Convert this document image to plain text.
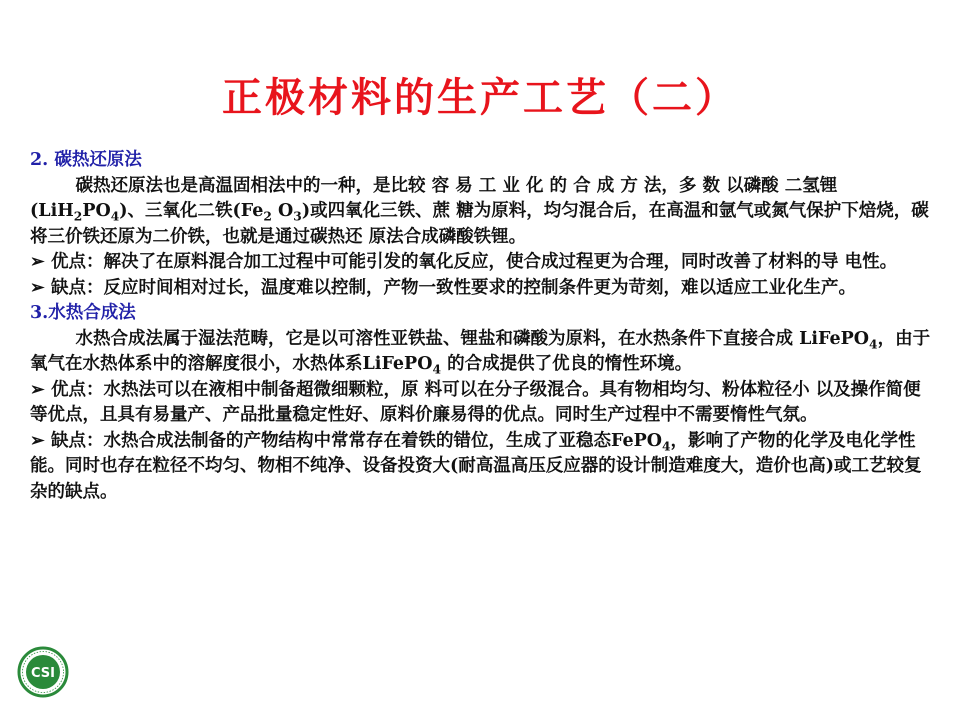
正极材料的生产工艺（二）

2. 碳热还原法

碳热还原法也是高温固相法中的一种，是比较 容 易 工 业 化 的 合 成 方 法，多 数 以磷酸 二氢锂 $(LiH_2PO_4)$、三氧化二铁($Fe_2$ $O_3$)或四氧化三铁、蔗 糖为原料，均匀混合后，在高温和氩气或氮气保护下焙烧，碳将三价铁还原为二价铁，也就是通过碳热还 原法合成磷酸铁锂。

➢ 优点：解决了在原料混合加工过程中可能引发的氧化反应，使合成过程更为合理，同时改善了材料的导 电性。

➢ 缺点：反应时间相对过长，温度难以控制，产物一致性要求的控制条件更为苛刻，难以适应工业化生产。

3.水热合成法

水热合成法属于湿法范畴，它是以可溶性亚铁盐、锂盐和磷酸为原料，在水热条件下直接合成 LiFePO$_4$，由于氧气在水热体系中的溶解度很小，水热体系LiFePO$_4$ 的合成提供了优良的惰性环境。

➢ 优点：水热法可以在液相中制备超微细颗粒，原 料可以在分子级混合。具有物相均匀、粉体粒径小 以及操作简便等优点，且具有易量产、产品批量稳定性好、原料价廉易得的优点。同时生产过程中不需要惰性气氛。

➢ 缺点：水热合成法制备的产物结构中常常存在着铁的错位，生成了亚稳态FePO$_4$，影响了产物的化学及电化学性能。同时也存在粒径不均匀、物相不纯净、设备投资大(耐高温高压反应器的设计制造难度大，造价也高)或工艺较复杂的缺点。

CSI
